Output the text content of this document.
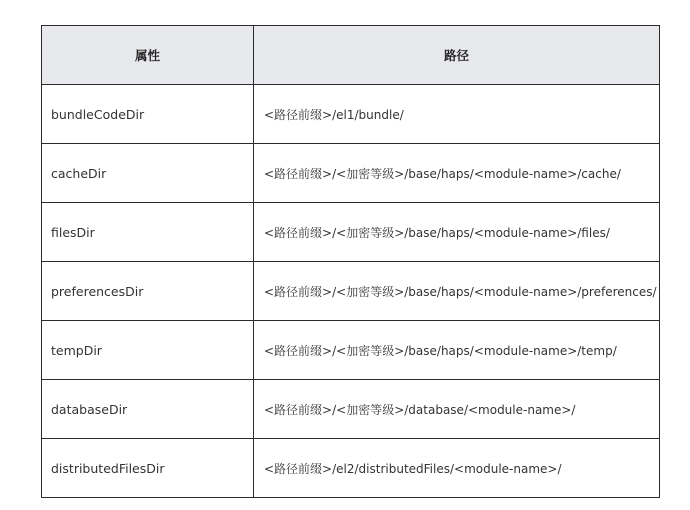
属性	路径
bundleCodeDir	<路径前缀>/el1/bundle/
cacheDir	<路径前缀>/<加密等级>/base/haps/<module-name>/cache/
filesDir	<路径前缀>/<加密等级>/base/haps/<module-name>/files/
preferencesDir	<路径前缀>/<加密等级>/base/haps/<module-name>/preferences/
tempDir	<路径前缀>/<加密等级>/base/haps/<module-name>/temp/
databaseDir	<路径前缀>/<加密等级>/database/<module-name>/
distributedFilesDir	<路径前缀>/el2/distributedFiles/<module-name>/
